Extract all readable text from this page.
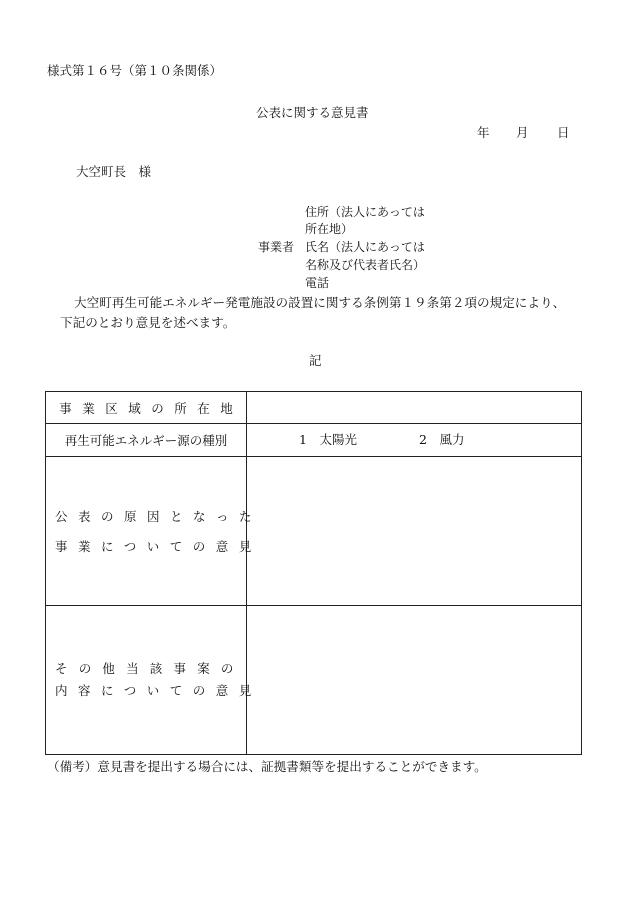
様式第１６号（第１０条関係）
公表に関する意見書
年 月 日
大空町長　様
住所（法人にあっては
所在地）
事業者 氏名（法人にあっては
名称及び代表者氏名）
電話
大空町再生可能エネルギー発電施設の設置に関する条例第１９条第２項の規定により、
下記のとおり意見を述べます。
記
事業区域の所在地
再生可能エネルギー源の種別	1　太陽光	2　風力
公表の原因となった
事業についての意見
その他当該事案の
内容についての意見
（備考）意見書を提出する場合には、証拠書類等を提出することができます。
